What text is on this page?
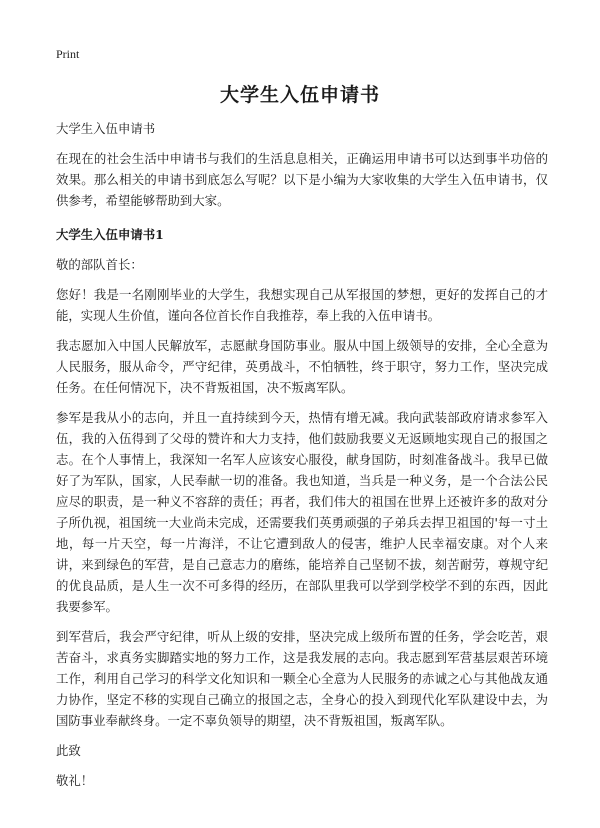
Print
大学生入伍申请书

大学生入伍申请书

在现在的社会生活中申请书与我们的生活息息相关，正确运用申请书可以达到事半功倍的效果。那么相关的申请书到底怎么写呢？以下是小编为大家收集的大学生入伍申请书，仅供参考，希望能够帮助到大家。

大学生入伍申请书1

敬的部队首长：

您好！我是一名刚刚毕业的大学生，我想实现自己从军报国的梦想，更好的发挥自己的才能，实现人生价值，谨向各位首长作自我推荐，奉上我的入伍申请书。

我志愿加入中国人民解放军，志愿献身国防事业。服从中国上级领导的安排，全心全意为人民服务，服从命令，严守纪律，英勇战斗，不怕牺牲，终于职守，努力工作，坚决完成任务。在任何情况下，决不背叛祖国，决不叛离军队。

参军是我从小的志向，并且一直持续到今天，热情有增无减。我向武装部政府请求参军入伍，我的入伍得到了父母的赞许和大力支持，他们鼓励我要义无返顾地实现自己的报国之志。在个人事情上，我深知一名军人应该安心服役，献身国防，时刻准备战斗。我早已做好了为军队，国家，人民奉献一切的准备。我也知道，当兵是一种义务，是一个合法公民应尽的职责，是一种义不容辞的责任；再者，我们伟大的祖国在世界上还被许多的敌对分子所仇视，祖国统一大业尚未完成，还需要我们英勇顽强的子弟兵去捍卫祖国的'每一寸土地，每一片天空，每一片海洋，不让它遭到敌人的侵害，维护人民幸福安康。对个人来讲，来到绿色的军营，是自己意志力的磨练，能培养自己坚韧不拔，刻苦耐劳，尊规守纪的优良品质，是人生一次不可多得的经历，在部队里我可以学到学校学不到的东西，因此我要参军。

到军营后，我会严守纪律，听从上级的安排，坚决完成上级所布置的任务，学会吃苦，艰苦奋斗，求真务实脚踏实地的努力工作，这是我发展的志向。我志愿到军营基层艰苦环境工作，利用自己学习的科学文化知识和一颗全心全意为人民服务的赤诚之心与其他战友通力协作，坚定不移的实现自己确立的报国之志，全身心的投入到现代化军队建设中去，为国防事业奉献终身。一定不辜负领导的期望，决不背叛祖国，叛离军队。

此致

敬礼！
